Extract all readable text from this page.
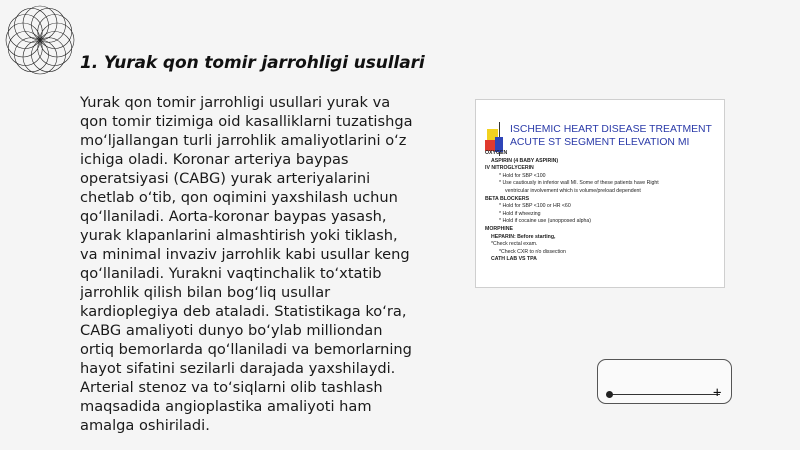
1. Yurak qon tomir jarrohligi usullari

Yurak qon tomir jarrohligi usullari yurak va qon tomir tizimiga oid kasalliklarni tuzatishga mo‘ljallangan turli jarrohlik amaliyotlarini o‘z ichiga oladi. Koronar arteriya baypas operatsiyasi (CABG) yurak arteriyalarini chetlab o‘tib, qon oqimini yaxshilash uchun qo‘llaniladi. Aorta-koronar baypas yasash, yurak klapanlarini almashtirish yoki tiklash, va minimal invaziv jarrohlik kabi usullar keng qo‘llaniladi. Yurakni vaqtinchalik to‘xtatib jarrohlik qilish bilan bog‘liq usullar kardioplegiya deb ataladi. Statistikaga ko‘ra, CABG amaliyoti dunyo bo‘ylab milliondan ortiq bemorlarda qo‘llaniladi va bemorlarning hayot sifatini sezilarli darajada yaxshilaydi. Arterial stenoz va to‘siqlarni olib tashlash maqsadida angioplastika amaliyoti ham amalga oshiriladi.

ISCHEMIC HEART DISEASE TREATMENT
ACUTE ST SEGMENT ELEVATION MI
OXYGEN
ASPIRIN (4 BABY ASPIRIN)
IV NITROGLYCERIN
* Hold for SBP <100
* Use cautiously in inferior wall MI. Some of these patients have Right
ventricular involvement which is volume/preload dependent
BETA BLOCKERS
* Hold for SBP <100 or HR <60
* Hold if wheezing
* Hold if cocaine use (unopposed alpha)
MORPHINE
HEPARIN: Before starting,
*Check rectal exam.
*Check CXR to r/o dissection
CATH LAB VS TPA
+
